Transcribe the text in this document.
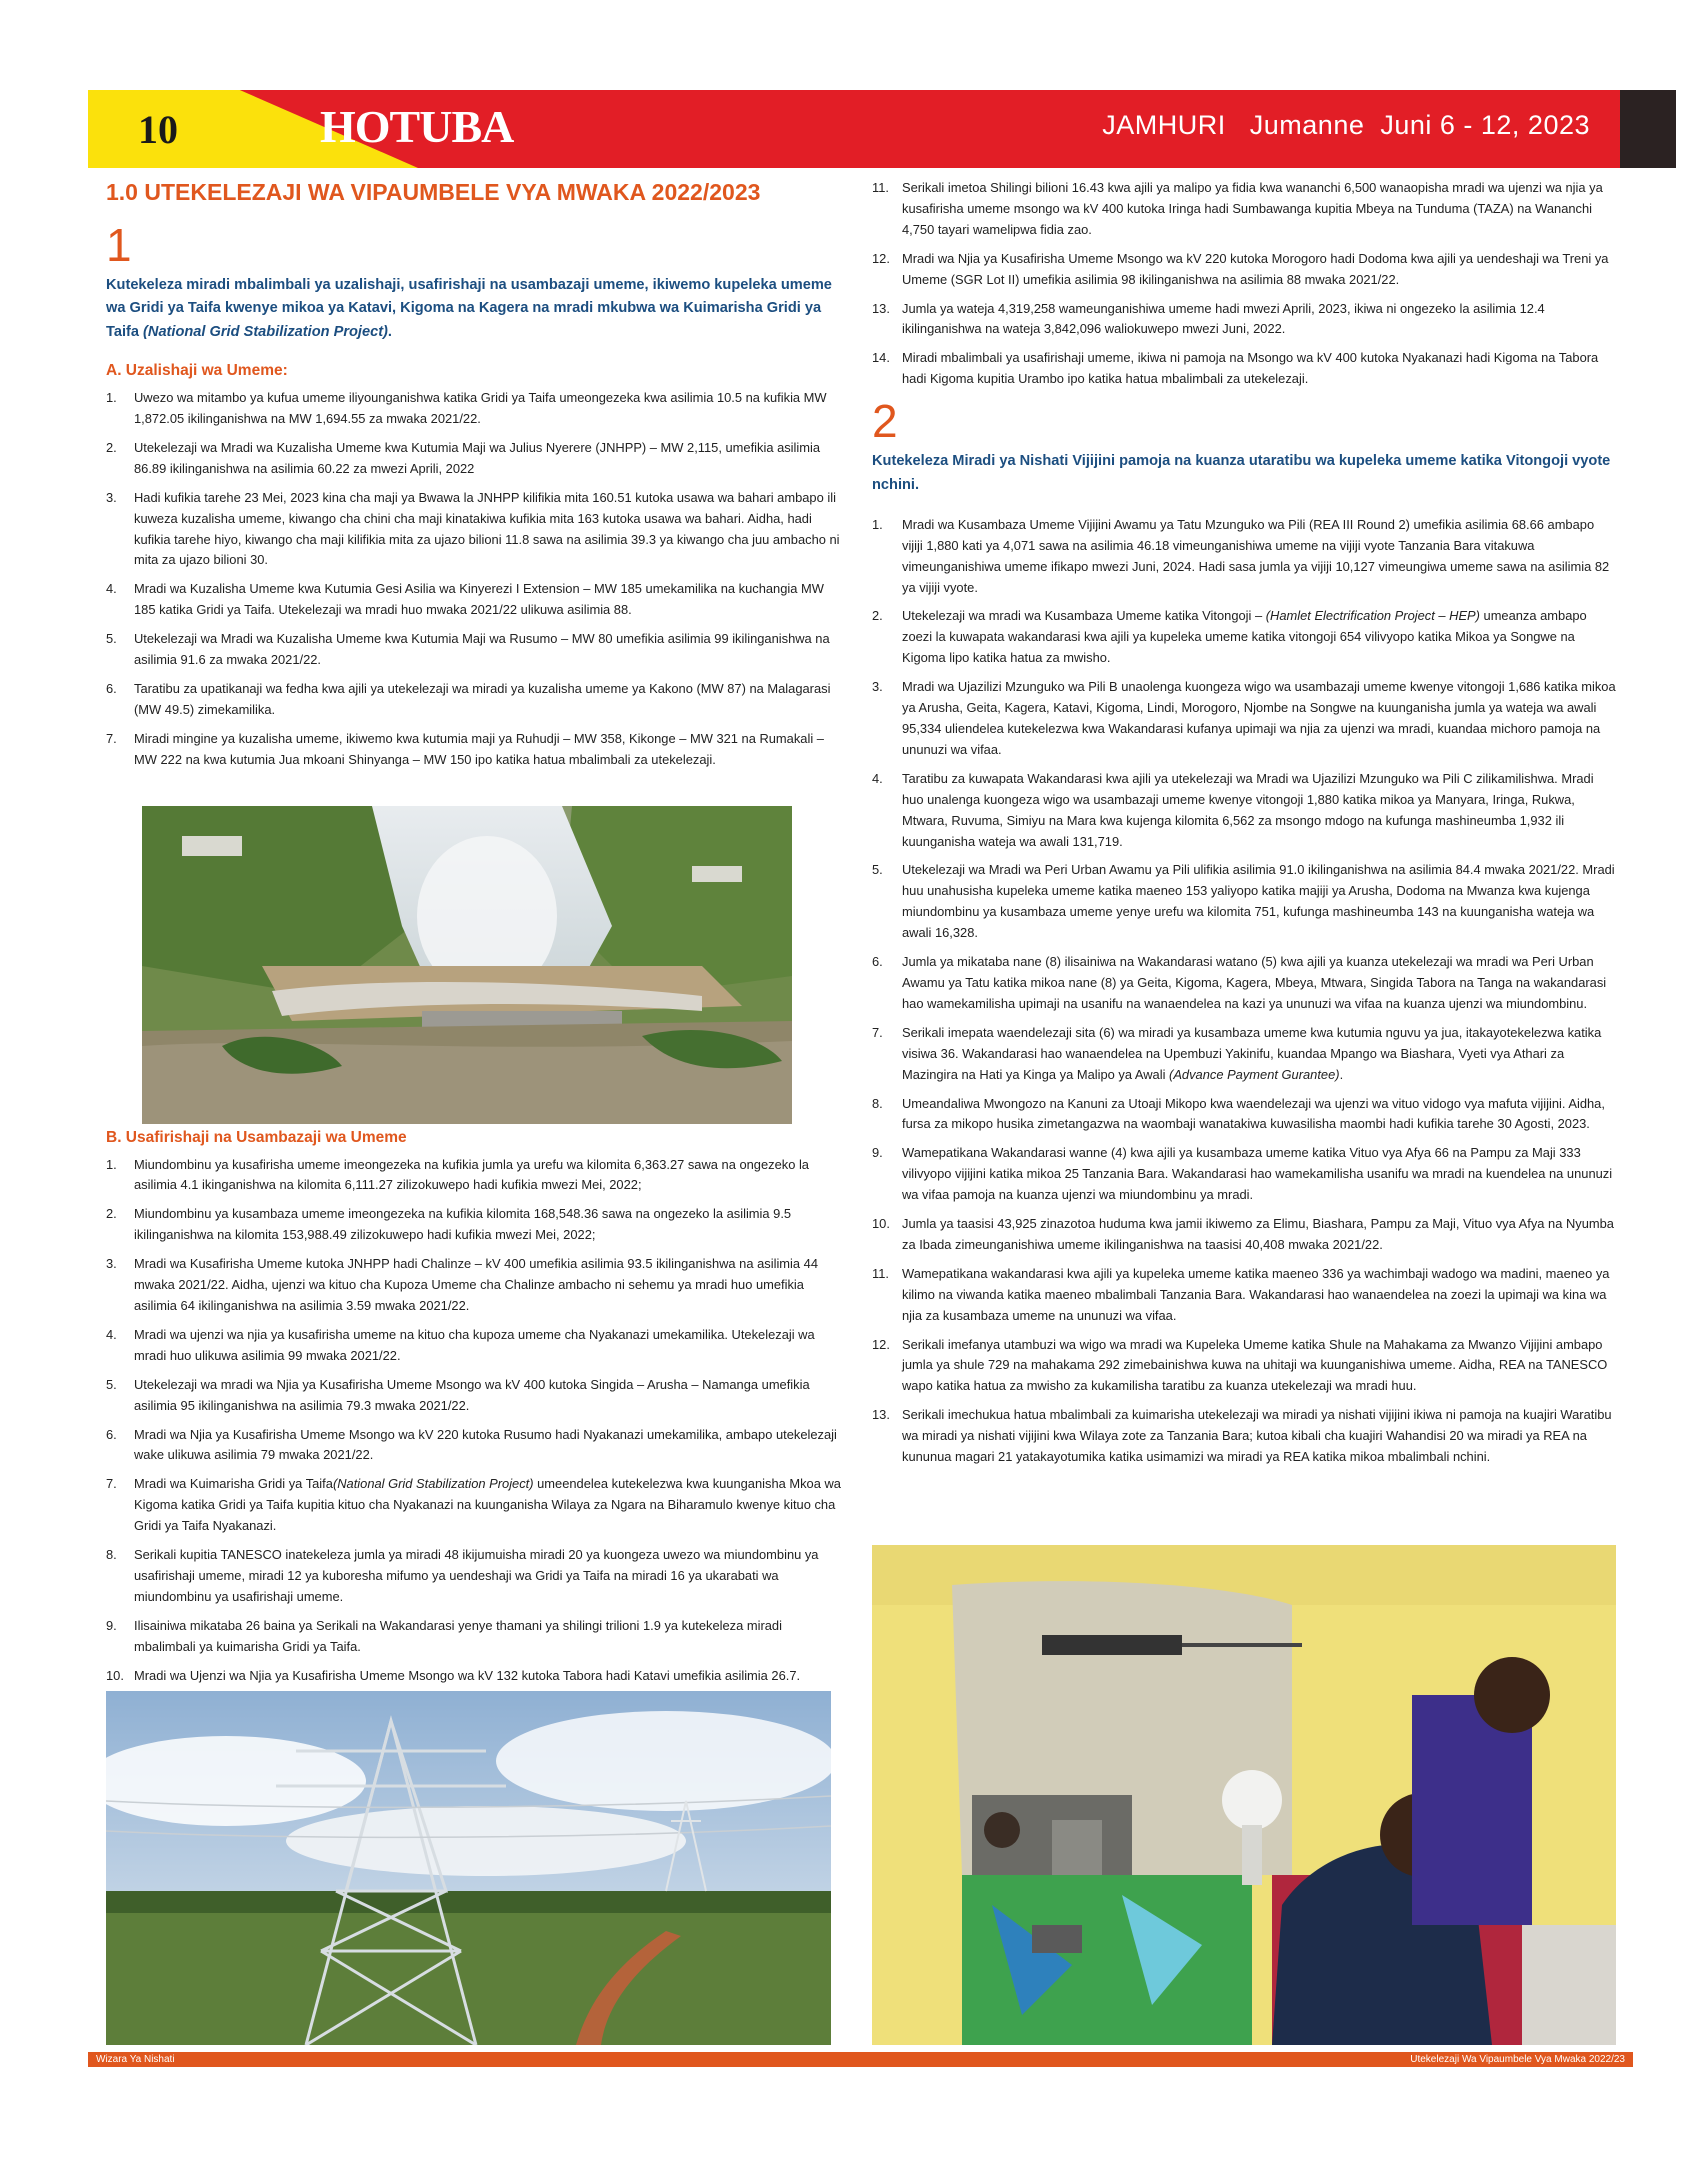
10	HOTUBA	JAMHURI   Jumanne  Juni 6 - 12, 2023
1.0 UTEKELEZAJI WA VIPAUMBELE VYA MWAKA 2022/2023
1

Kutekeleza miradi mbalimbali ya uzalishaji, usafirishaji na usambazaji umeme, ikiwemo kupeleka umeme wa Gridi ya Taifa kwenye mikoa ya Katavi, Kigoma na Kagera na mradi mkubwa wa Kuimarisha Gridi ya Taifa (National Grid Stabilization Project).

A. Uzalishaji wa Umeme:
1. Uwezo wa mitambo ya kufua umeme iliyounganishwa katika Gridi ya Taifa umeongezeka kwa asilimia 10.5 na kufikia MW 1,872.05 ikilinganishwa na MW 1,694.55 za mwaka 2021/22.
2. Utekelezaji wa Mradi wa Kuzalisha Umeme kwa Kutumia Maji wa Julius Nyerere (JNHPP) – MW 2,115, umefikia asilimia 86.89 ikilinganishwa na asilimia 60.22 za mwezi Aprili, 2022
3. Hadi kufikia tarehe 23 Mei, 2023 kina cha maji ya Bwawa la JNHPP kilifikia mita 160.51 kutoka usawa wa bahari ambapo ili kuweza kuzalisha umeme, kiwango cha chini cha maji kinatakiwa kufikia mita 163 kutoka usawa wa bahari. Aidha, hadi kufikia tarehe hiyo, kiwango cha maji kilifikia mita za ujazo bilioni 11.8 sawa na asilimia 39.3 ya kiwango cha juu ambacho ni mita za ujazo bilioni 30.
4. Mradi wa Kuzalisha Umeme kwa Kutumia Gesi Asilia wa Kinyerezi I Extension – MW 185 umekamilika na kuchangia MW 185 katika Gridi ya Taifa. Utekelezaji wa mradi huo mwaka 2021/22 ulikuwa asilimia 88.
5. Utekelezaji wa Mradi wa Kuzalisha Umeme kwa Kutumia Maji wa Rusumo – MW 80 umefikia asilimia 99 ikilinganishwa na asilimia 91.6 za mwaka 2021/22.
6. Taratibu za upatikanaji wa fedha kwa ajili ya utekelezaji wa miradi ya kuzalisha umeme ya Kakono (MW 87) na Malagarasi (MW 49.5) zimekamilika.
7. Miradi mingine ya kuzalisha umeme, ikiwemo kwa kutumia maji ya Ruhudji – MW 358, Kikonge – MW 321 na Rumakali – MW 222 na kwa kutumia Jua mkoani Shinyanga – MW 150 ipo katika hatua mbalimbali za utekelezaji.
B. Usafirishaji na Usambazaji wa Umeme
1. Miundombinu ya kusafirisha umeme imeongezeka na kufikia jumla ya urefu wa kilomita 6,363.27 sawa na ongezeko la asilimia 4.1 ikinganishwa na kilomita 6,111.27 zilizokuwepo hadi kufikia mwezi Mei, 2022;
2. Miundombinu ya kusambaza umeme imeongezeka na kufikia kilomita 168,548.36 sawa na ongezeko la asilimia 9.5 ikilinganishwa na kilomita 153,988.49 zilizokuwepo hadi kufikia mwezi Mei, 2022;
3. Mradi wa Kusafirisha Umeme kutoka JNHPP hadi Chalinze – kV 400 umefikia asilimia 93.5 ikilinganishwa na asilimia 44 mwaka 2021/22. Aidha, ujenzi wa kituo cha Kupoza Umeme cha Chalinze ambacho ni sehemu ya mradi huo umefikia asilimia 64 ikilinganishwa na asilimia 3.59 mwaka 2021/22.
4. Mradi wa ujenzi wa njia ya kusafirisha umeme na kituo cha kupoza umeme cha Nyakanazi umekamilika. Utekelezaji wa mradi huo ulikuwa asilimia 99 mwaka 2021/22.
5. Utekelezaji wa mradi wa Njia ya Kusafirisha Umeme Msongo wa kV 400 kutoka Singida – Arusha – Namanga umefikia asilimia 95 ikilinganishwa na asilimia 79.3 mwaka 2021/22.
6. Mradi wa Njia ya Kusafirisha Umeme Msongo wa kV 220 kutoka Rusumo hadi Nyakanazi umekamilika, ambapo utekelezaji wake ulikuwa asilimia 79 mwaka 2021/22.
7. Mradi wa Kuimarisha Gridi ya Taifa(National Grid Stabilization Project) umeendelea kutekelezwa kwa kuunganisha Mkoa wa Kigoma katika Gridi ya Taifa kupitia kituo cha Nyakanazi na kuunganisha Wilaya za Ngara na Biharamulo kwenye kituo cha Gridi ya Taifa Nyakanazi.
8. Serikali kupitia TANESCO inatekeleza jumla ya miradi 48 ikijumuisha miradi 20 ya kuongeza uwezo wa miundombinu ya usafirishaji umeme, miradi 12 ya kuboresha mifumo ya uendeshaji wa Gridi ya Taifa na miradi 16 ya ukarabati wa miundombinu ya usafirishaji umeme.
9. Ilisainiwa mikataba 26 baina ya Serikali na Wakandarasi yenye thamani ya shilingi trilioni 1.9 ya kutekeleza miradi mbalimbali ya kuimarisha Gridi ya Taifa.
10. Mradi wa Ujenzi wa Njia ya Kusafirisha Umeme Msongo wa kV 132 kutoka Tabora hadi Katavi umefikia asilimia 26.7.
11. Serikali imetoa Shilingi bilioni 16.43 kwa ajili ya malipo ya fidia kwa wananchi 6,500 wanaopisha mradi wa ujenzi wa njia ya kusafirisha umeme msongo wa kV 400 kutoka Iringa hadi Sumbawanga kupitia Mbeya na Tunduma (TAZA) na Wananchi 4,750 tayari wamelipwa fidia zao.
12. Mradi wa Njia ya Kusafirisha Umeme Msongo wa kV 220 kutoka Morogoro hadi Dodoma kwa ajili ya uendeshaji wa Treni ya Umeme (SGR Lot II) umefikia asilimia 98 ikilinganishwa na asilimia 88 mwaka 2021/22.
13. Jumla ya wateja 4,319,258 wameunganishiwa umeme hadi mwezi Aprili, 2023, ikiwa ni ongezeko la asilimia 12.4 ikilinganishwa na wateja 3,842,096 waliokuwepo mwezi Juni, 2022.
14. Miradi mbalimbali ya usafirishaji umeme, ikiwa ni pamoja na Msongo wa kV 400 kutoka Nyakanazi hadi Kigoma na Tabora hadi Kigoma kupitia Urambo ipo katika hatua mbalimbali za utekelezaji.
2

Kutekeleza Miradi ya Nishati Vijijini pamoja na kuanza utaratibu wa kupeleka umeme katika Vitongoji vyote nchini.

1. Mradi wa Kusambaza Umeme Vijijini Awamu ya Tatu Mzunguko wa Pili (REA III Round 2) umefikia asilimia 68.66 ambapo vijiji 1,880 kati ya 4,071 sawa na asilimia 46.18 vimeunganishiwa umeme na vijiji vyote Tanzania Bara vitakuwa vimeunganishiwa umeme ifikapo mwezi Juni, 2024. Hadi sasa jumla ya vijiji 10,127 vimeungiwa umeme sawa na asilimia 82 ya vijiji vyote.
2. Utekelezaji wa mradi wa Kusambaza Umeme katika Vitongoji – (Hamlet Electrification Project – HEP) umeanza ambapo zoezi la kuwapata wakandarasi kwa ajili ya kupeleka umeme katika vitongoji 654 vilivyopo katika Mikoa ya Songwe na Kigoma lipo katika hatua za mwisho.
3. Mradi wa Ujazilizi Mzunguko wa Pili B unaolenga kuongeza wigo wa usambazaji umeme kwenye vitongoji 1,686 katika mikoa ya Arusha, Geita, Kagera, Katavi, Kigoma, Lindi, Morogoro, Njombe na Songwe na kuunganisha jumla ya wateja wa awali 95,334 uliendelea kutekelezwa kwa Wakandarasi kufanya upimaji wa njia za ujenzi wa mradi, kuandaa michoro pamoja na ununuzi wa vifaa.
4. Taratibu za kuwapata Wakandarasi kwa ajili ya utekelezaji wa Mradi wa Ujazilizi Mzunguko wa Pili C zilikamilishwa. Mradi huo unalenga kuongeza wigo wa usambazaji umeme kwenye vitongoji 1,880 katika mikoa ya Manyara, Iringa, Rukwa, Mtwara, Ruvuma, Simiyu na Mara kwa kujenga kilomita 6,562 za msongo mdogo na kufunga mashineumba 1,932 ili kuunganisha wateja wa awali 131,719.
5. Utekelezaji wa Mradi wa Peri Urban Awamu ya Pili ulifikia asilimia 91.0 ikilinganishwa na asilimia 84.4 mwaka 2021/22. Mradi huu unahusisha kupeleka umeme katika maeneo 153 yaliyopo katika majiji ya Arusha, Dodoma na Mwanza kwa kujenga miundombinu ya kusambaza umeme yenye urefu wa kilomita 751, kufunga mashineumba 143 na kuunganisha wateja wa awali 16,328.
6. Jumla ya mikataba nane (8) ilisainiwa na Wakandarasi watano (5) kwa ajili ya kuanza utekelezaji wa mradi wa Peri Urban Awamu ya Tatu katika mikoa nane (8) ya Geita, Kigoma, Kagera, Mbeya, Mtwara, Singida Tabora na Tanga na wakandarasi hao wamekamilisha upimaji na usanifu na wanaendelea na kazi ya ununuzi wa vifaa na kuanza ujenzi wa miundombinu.
7. Serikali imepata waendelezaji sita (6) wa miradi ya kusambaza umeme kwa kutumia nguvu ya jua, itakayotekelezwa katika visiwa 36. Wakandarasi hao wanaendelea na Upembuzi Yakinifu, kuandaa Mpango wa Biashara, Vyeti vya Athari za Mazingira na Hati ya Kinga ya Malipo ya Awali (Advance Payment Gurantee).
8. Umeandaliwa Mwongozo na Kanuni za Utoaji Mikopo kwa waendelezaji wa ujenzi wa vituo vidogo vya mafuta vijijini. Aidha, fursa za mikopo husika zimetangazwa na waombaji wanatakiwa kuwasilisha maombi hadi kufikia tarehe 30 Agosti, 2023.
9. Wamepatikana Wakandarasi wanne (4) kwa ajili ya kusambaza umeme katika Vituo vya Afya 66 na Pampu za Maji 333 vilivyopo vijijini katika mikoa 25 Tanzania Bara. Wakandarasi hao wamekamilisha usanifu wa mradi na kuendelea na ununuzi wa vifaa pamoja na kuanza ujenzi wa miundombinu ya mradi.
10. Jumla ya taasisi 43,925 zinazotoa huduma kwa jamii ikiwemo za Elimu, Biashara, Pampu za Maji, Vituo vya Afya na Nyumba za Ibada zimeunganishiwa umeme ikilinganishwa na taasisi 40,408 mwaka 2021/22.
11. Wamepatikana wakandarasi kwa ajili ya kupeleka umeme katika maeneo 336 ya wachimbaji wadogo wa madini, maeneo ya kilimo na viwanda katika maeneo mbalimbali Tanzania Bara. Wakandarasi hao wanaendelea na zoezi la upimaji wa kina wa njia za kusambaza umeme na ununuzi wa vifaa.
12. Serikali imefanya utambuzi wa wigo wa mradi wa Kupeleka Umeme katika Shule na Mahakama za Mwanzo Vijijini ambapo jumla ya shule 729 na mahakama 292 zimebainishwa kuwa na uhitaji wa kuunganishiwa umeme. Aidha, REA na TANESCO wapo katika hatua za mwisho za kukamilisha taratibu za kuanza utekelezaji wa mradi huu.
13. Serikali imechukua hatua mbalimbali za kuimarisha utekelezaji wa miradi ya nishati vijijini ikiwa ni pamoja na kuajiri Waratibu wa miradi ya nishati vijijini kwa Wilaya zote za Tanzania Bara; kutoa kibali cha kuajiri Wahandisi 20 wa miradi ya REA na kununua magari 21 yatakayotumika katika usimamizi wa miradi ya REA katika mikoa mbalimbali nchini.
Wizara Ya Nishati	Utekelezaji Wa Vipaumbele Vya Mwaka 2022/23
